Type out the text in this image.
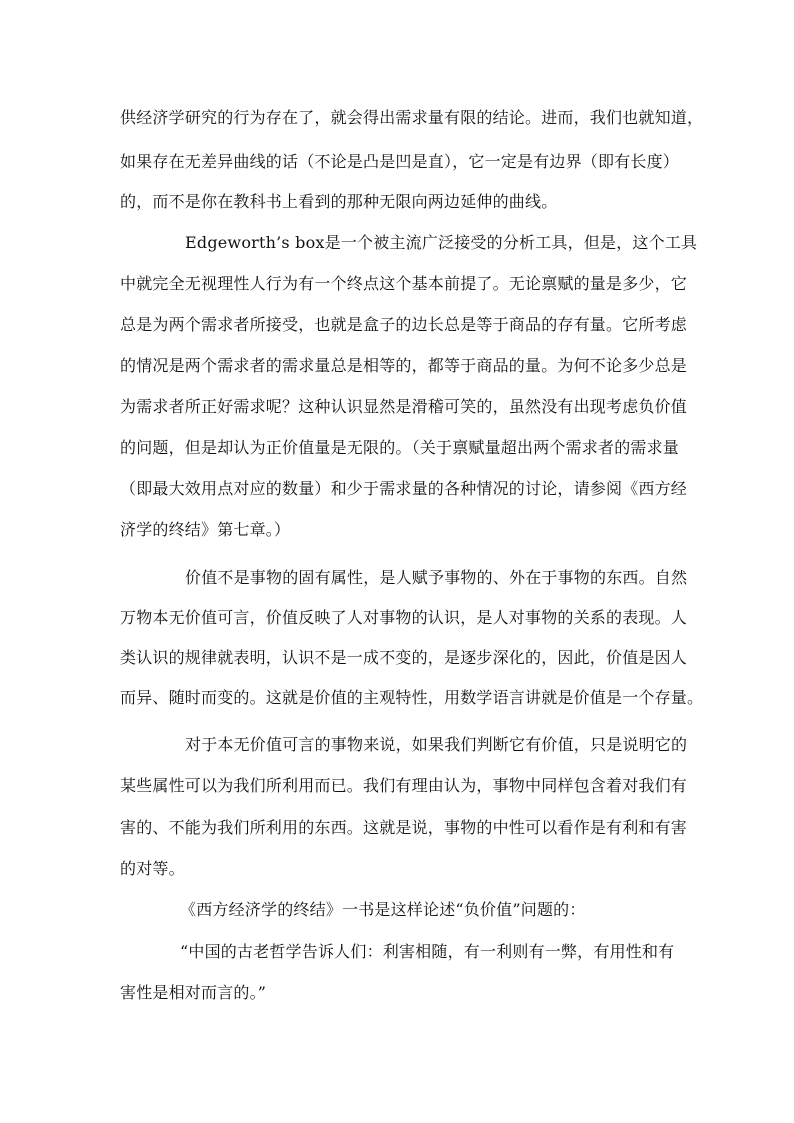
供经济学研究的行为存在了，就会得出需求量有限的结论。进而，我们也就知道，
如果存在无差异曲线的话（不论是凸是凹是直），它一定是有边界（即有长度）
的，而不是你在教科书上看到的那种无限向两边延伸的曲线。
Edgeworth’s box是一个被主流广泛接受的分析工具，但是，这个工具
中就完全无视理性人行为有一个终点这个基本前提了。无论禀赋的量是多少，它
总是为两个需求者所接受，也就是盒子的边长总是等于商品的存有量。它所考虑
的情况是两个需求者的需求量总是相等的，都等于商品的量。为何不论多少总是
为需求者所正好需求呢？这种认识显然是滑稽可笑的，虽然没有出现考虑负价值
的问题，但是却认为正价值量是无限的。（关于禀赋量超出两个需求者的需求量
（即最大效用点对应的数量）和少于需求量的各种情况的讨论，请参阅《西方经
济学的终结》第七章。）
价值不是事物的固有属性，是人赋予事物的、外在于事物的东西。自然
万物本无价值可言，价值反映了人对事物的认识，是人对事物的关系的表现。人
类认识的规律就表明，认识不是一成不变的，是逐步深化的，因此，价值是因人
而异、随时而变的。这就是价值的主观特性，用数学语言讲就是价值是一个存量。
对于本无价值可言的事物来说，如果我们判断它有价值，只是说明它的
某些属性可以为我们所利用而已。我们有理由认为，事物中同样包含着对我们有
害的、不能为我们所利用的东西。这就是说，事物的中性可以看作是有利和有害
的对等。
《西方经济学的终结》一书是这样论述“负价值”问题的：
“中国的古老哲学告诉人们：利害相随，有一利则有一弊，有用性和有
害性是相对而言的。”
